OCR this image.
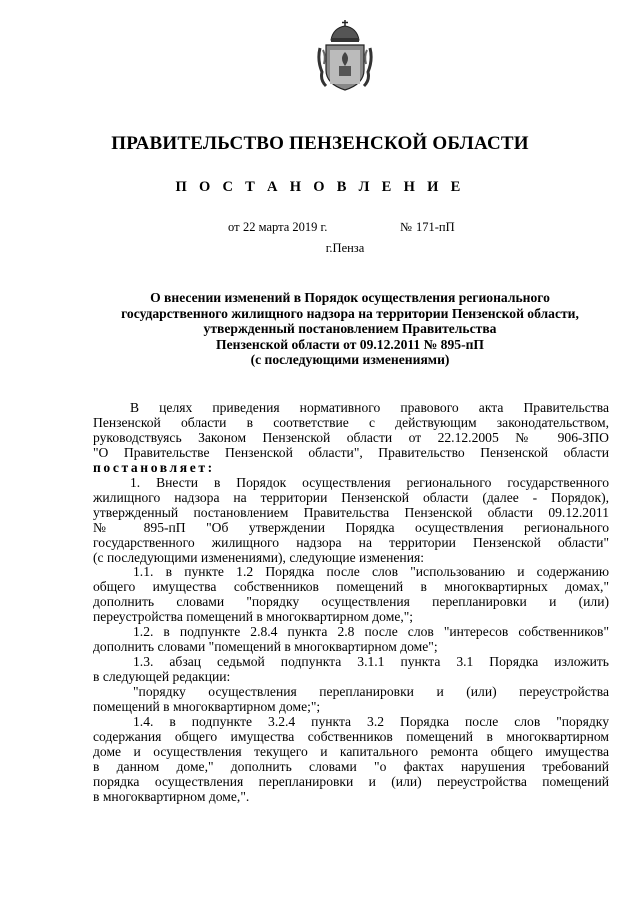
ПРАВИТЕЛЬСТВО ПЕНЗЕНСКОЙ ОБЛАСТИ
П О С Т А Н О В Л Е Н И Е
от 22 марта 2019 г.	№ 171-пП
г.Пенза
О внесении изменений в Порядок осуществления регионального
государственного жилищного надзора на территории Пензенской области,
утвержденный постановлением Правительства
Пензенской области от 09.12.2011 № 895-пП
(с последующими изменениями)
В целях приведения нормативного правового акта Правительства
Пензенской области в соответствие с действующим законодательством,
руководствуясь Законом Пензенской области от 22.12.2005 № 906-ЗПО
"О Правительстве Пензенской области", Правительство Пензенской области
постановляет:
1. Внести в Порядок осуществления регионального государственного
жилищного надзора на территории Пензенской области (далее - Порядок),
утвержденный постановлением Правительства Пензенской области 09.12.2011
№ 895-пП "Об утверждении Порядка осуществления регионального
государственного жилищного надзора на территории Пензенской области"
(с последующими изменениями), следующие изменения:
1.1. в пункте 1.2 Порядка после слов "использованию и содержанию
общего имущества собственников помещений в многоквартирных домах,"
дополнить словами "порядку осуществления перепланировки и (или)
переустройства помещений в многоквартирном доме,";
1.2. в подпункте 2.8.4 пункта 2.8 после слов "интересов собственников"
дополнить словами "помещений в многоквартирном доме";
1.3. абзац седьмой подпункта 3.1.1 пункта 3.1 Порядка изложить
в следующей редакции:
"порядку осуществления перепланировки и (или) переустройства
помещений в многоквартирном доме;";
1.4. в подпункте 3.2.4 пункта 3.2 Порядка после слов "порядку
содержания общего имущества собственников помещений в многоквартирном
доме и осуществления текущего и капитального ремонта общего имущества
в данном доме," дополнить словами "о фактах нарушения требований
порядка осуществления перепланировки и (или) переустройства помещений
в многоквартирном доме,".
